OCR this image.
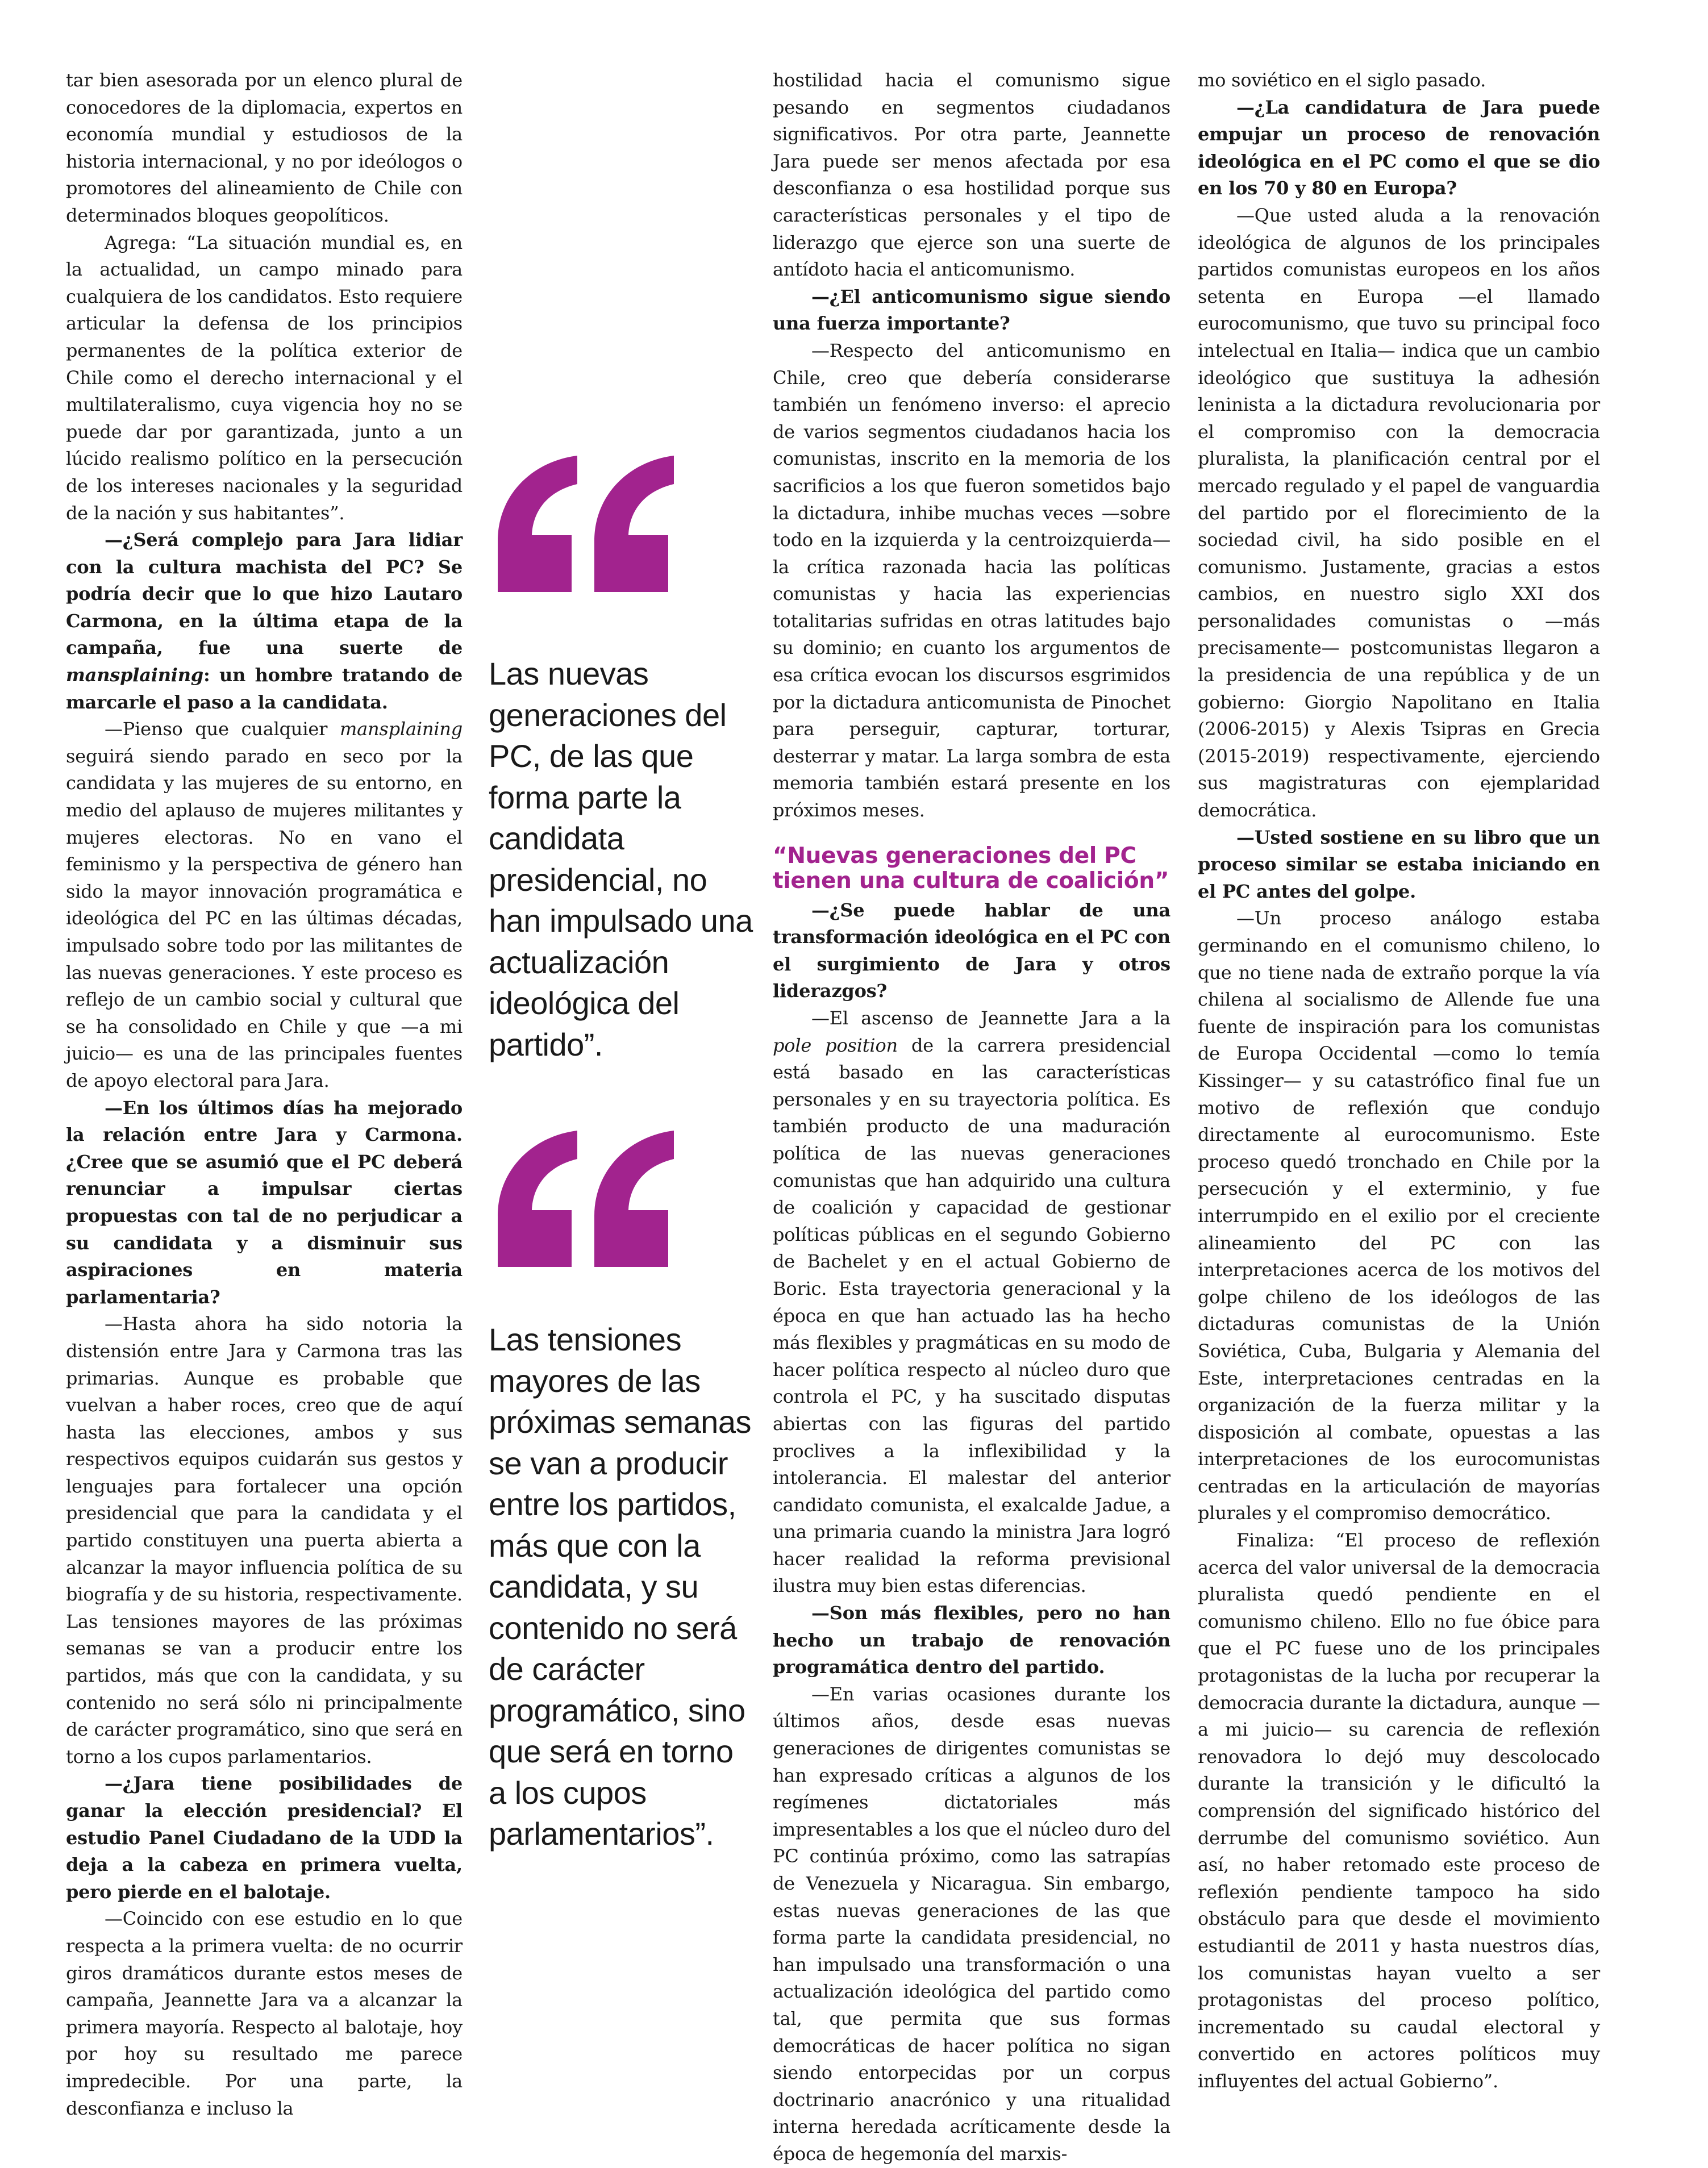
tar bien asesorada por un elenco plural de conocedores de la diplomacia, expertos en economía mundial y estudiosos de la historia internacional, y no por ideólogos o promotores del alineamiento de Chile con determinados bloques geopolíticos.

Agrega: “La situación mundial es, en la actualidad, un campo minado para cualquiera de los candidatos. Esto requiere articular la defensa de los principios permanentes de la política exterior de Chile como el derecho internacional y el multilateralismo, cuya vigencia hoy no se puede dar por garantizada, junto a un lúcido realismo político en la persecución de los intereses nacionales y la seguridad de la nación y sus habitantes”.

—¿Será complejo para Jara lidiar con la cultura machista del PC? Se podría decir que lo que hizo Lautaro Carmona, en la última etapa de la campaña, fue una suerte de mansplaining: un hombre tratando de marcarle el paso a la candidata.

—Pienso que cualquier mansplaining seguirá siendo parado en seco por la candidata y las mujeres de su entorno, en medio del aplauso de mujeres militantes y mujeres electoras. No en vano el feminismo y la perspectiva de género han sido la mayor innovación programática e ideológica del PC en las últimas décadas, impulsado sobre todo por las militantes de las nuevas generaciones. Y este proceso es reflejo de un cambio social y cultural que se ha consolidado en Chile y que —a mi juicio— es una de las principales fuentes de apoyo electoral para Jara.

—En los últimos días ha mejorado la relación entre Jara y Carmona. ¿Cree que se asumió que el PC deberá renunciar a impulsar ciertas propuestas con tal de no perjudicar a su candidata y a disminuir sus aspiraciones en materia parlamentaria?

—Hasta ahora ha sido notoria la distensión entre Jara y Carmona tras las primarias. Aunque es probable que vuelvan a haber roces, creo que de aquí hasta las elecciones, ambos y sus respectivos equipos cuidarán sus gestos y lenguajes para fortalecer una opción presidencial que para la candidata y el partido constituyen una puerta abierta a alcanzar la mayor influencia política de su biografía y de su historia, respectivamente. Las tensiones mayores de las próximas semanas se van a producir entre los partidos, más que con la candidata, y su contenido no será sólo ni principalmente de carácter programático, sino que será en torno a los cupos parlamentarios.

—¿Jara tiene posibilidades de ganar la elección presidencial? El estudio Panel Ciudadano de la UDD la deja a la cabeza en primera vuelta, pero pierde en el balotaje.

—Coincido con ese estudio en lo que respecta a la primera vuelta: de no ocurrir giros dramáticos durante estos meses de campaña, Jeannette Jara va a alcanzar la primera mayoría. Respecto al balotaje, hoy por hoy su resultado me parece impredecible. Por una parte, la desconfianza e incluso la

Las nuevas generaciones del PC, de las que forma parte la candidata presidencial, no han impulsado una actualización ideológica del partido”.
Las tensiones mayores de las próximas semanas se van a producir entre los partidos, más que con la candidata, y su contenido no será de carácter programático, sino que será en torno a los cupos parlamentarios”.

hostilidad hacia el comunismo sigue pesando en segmentos ciudadanos significativos. Por otra parte, Jeannette Jara puede ser menos afectada por esa desconfianza o esa hostilidad porque sus características personales y el tipo de liderazgo que ejerce son una suerte de antídoto hacia el anticomunismo.

—¿El anticomunismo sigue siendo una fuerza importante?

—Respecto del anticomunismo en Chile, creo que debería considerarse también un fenómeno inverso: el aprecio de varios segmentos ciudadanos hacia los comunistas, inscrito en la memoria de los sacrificios a los que fueron sometidos bajo la dictadura, inhibe muchas veces —sobre todo en la izquierda y la centroizquierda— la crítica razonada hacia las políticas comunistas y hacia las experiencias totalitarias sufridas en otras latitudes bajo su dominio; en cuanto los argumentos de esa crítica evocan los discursos esgrimidos por la dictadura anticomunista de Pinochet para perseguir, capturar, torturar, desterrar y matar. La larga sombra de esta memoria también estará presente en los próximos meses.

“Nuevas generaciones del PC tienen una cultura de coalición”

—¿Se puede hablar de una transformación ideológica en el PC con el surgimiento de Jara y otros liderazgos?

—El ascenso de Jeannette Jara a la pole position de la carrera presidencial está basado en las características personales y en su trayectoria política. Es también producto de una maduración política de las nuevas generaciones comunistas que han adquirido una cultura de coalición y capacidad de gestionar políticas públicas en el segundo Gobierno de Bachelet y en el actual Gobierno de Boric. Esta trayectoria generacional y la época en que han actuado las ha hecho más flexibles y pragmáticas en su modo de hacer política respecto al núcleo duro que controla el PC, y ha suscitado disputas abiertas con las figuras del partido proclives a la inflexibilidad y la intolerancia. El malestar del anterior candidato comunista, el exalcalde Jadue, a una primaria cuando la ministra Jara logró hacer realidad la reforma previsional ilustra muy bien estas diferencias.

—Son más flexibles, pero no han hecho un trabajo de renovación programática dentro del partido.

—En varias ocasiones durante los últimos años, desde esas nuevas generaciones de dirigentes comunistas se han expresado críticas a algunos de los regímenes dictatoriales más impresentables a los que el núcleo duro del PC continúa próximo, como las satrapías de Venezuela y Nicaragua. Sin embargo, estas nuevas generaciones de las que forma parte la candidata presidencial, no han impulsado una transformación o una actualización ideológica del partido como tal, que permita que sus formas democráticas de hacer política no sigan siendo entorpecidas por un corpus doctrinario anacrónico y una ritualidad interna heredada acríticamente desde la época de hegemonía del marxis-

mo soviético en el siglo pasado.

—¿La candidatura de Jara puede empujar un proceso de renovación ideológica en el PC como el que se dio en los 70 y 80 en Europa?

—Que usted aluda a la renovación ideológica de algunos de los principales partidos comunistas europeos en los años setenta en Europa —el llamado eurocomunismo, que tuvo su principal foco intelectual en Italia— indica que un cambio ideológico que sustituya la adhesión leninista a la dictadura revolucionaria por el compromiso con la democracia pluralista, la planificación central por el mercado regulado y el papel de vanguardia del partido por el florecimiento de la sociedad civil, ha sido posible en el comunismo. Justamente, gracias a estos cambios, en nuestro siglo XXI dos personalidades comunistas o —más precisamente— postcomunistas llegaron a la presidencia de una república y de un gobierno: Giorgio Napolitano en Italia (2006-2015) y Alexis Tsipras en Grecia (2015-2019) respectivamente, ejerciendo sus magistraturas con ejemplaridad democrática.

—Usted sostiene en su libro que un proceso similar se estaba iniciando en el PC antes del golpe.

—Un proceso análogo estaba germinando en el comunismo chileno, lo que no tiene nada de extraño porque la vía chilena al socialismo de Allende fue una fuente de inspiración para los comunistas de Europa Occidental —como lo temía Kissinger— y su catastrófico final fue un motivo de reflexión que condujo directamente al eurocomunismo. Este proceso quedó tronchado en Chile por la persecución y el exterminio, y fue interrumpido en el exilio por el creciente alineamiento del PC con las interpretaciones acerca de los motivos del golpe chileno de los ideólogos de las dictaduras comunistas de la Unión Soviética, Cuba, Bulgaria y Alemania del Este, interpretaciones centradas en la organización de la fuerza militar y la disposición al combate, opuestas a las interpretaciones de los eurocomunistas centradas en la articulación de mayorías plurales y el compromiso democrático.

Finaliza: “El proceso de reflexión acerca del valor universal de la democracia pluralista quedó pendiente en el comunismo chileno. Ello no fue óbice para que el PC fuese uno de los principales protagonistas de la lucha por recuperar la democracia durante la dictadura, aunque —a mi juicio— su carencia de reflexión renovadora lo dejó muy descolocado durante la transición y le dificultó la comprensión del significado histórico del derrumbe del comunismo soviético. Aun así, no haber retomado este proceso de reflexión pendiente tampoco ha sido obstáculo para que desde el movimiento estudiantil de 2011 y hasta nuestros días, los comunistas hayan vuelto a ser protagonistas del proceso político, incrementado su caudal electoral y convertido en actores políticos muy influyentes del actual Gobierno”.
